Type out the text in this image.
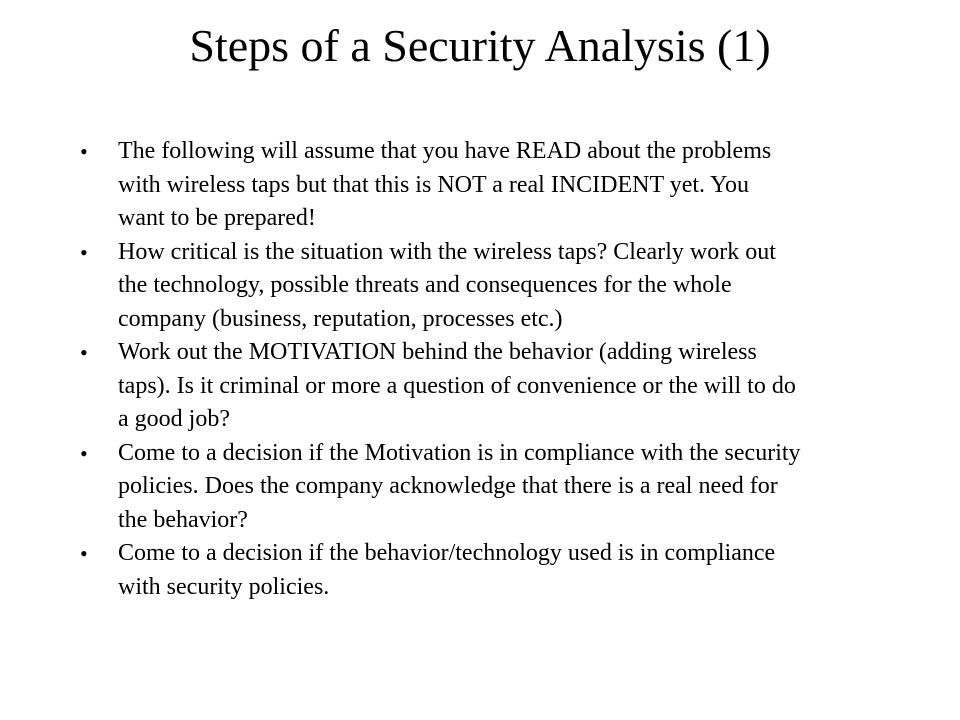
Steps of a Security Analysis (1)
•	The following will assume that you have READ about the problems
with wireless taps but that this is NOT a real INCIDENT yet. You
want to be prepared!
•	How critical is the situation with the wireless taps? Clearly work out
the technology, possible threats and consequences for the whole
company (business, reputation, processes etc.)
•	Work out the MOTIVATION behind the behavior (adding wireless
taps). Is it criminal or more a question of convenience or the will to do
a good job?
•	Come to a decision if the Motivation is in compliance with the security
policies. Does the company acknowledge that there is a real need for
the behavior?
•	Come to a decision if the behavior/technology used is in compliance
with security policies.
